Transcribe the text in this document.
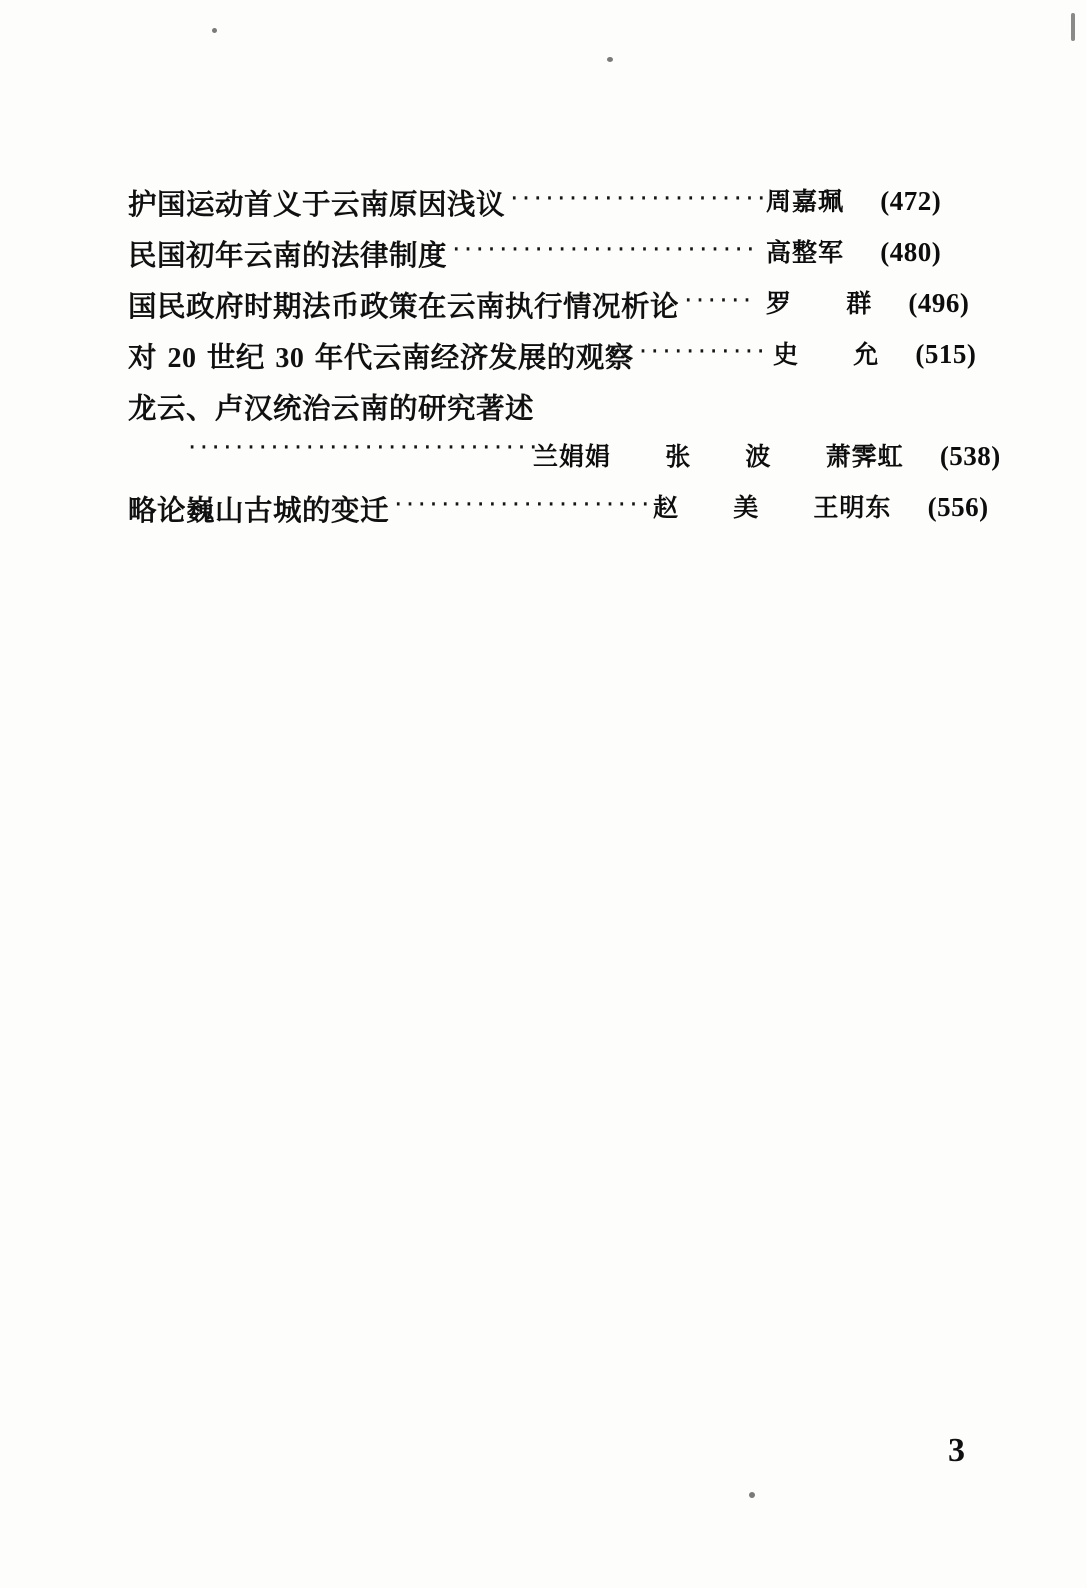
护国运动首义于云南原因浅议 ······················
周嘉珮 (472)
民国初年云南的法律制度 ·························· 高整军 (480)
国民政府时期法币政策在云南执行情况析论 ······ 罗 群 (496)
对 20 世纪 30 年代云南经济发展的观察 ··········· 史 允 (515)
龙云、卢汉统治云南的研究著述
······························
兰娟娟 张 波 萧霁虹 (538)
略论巍山古城的变迁 ······················ 赵 美 王明东 (556)
3
